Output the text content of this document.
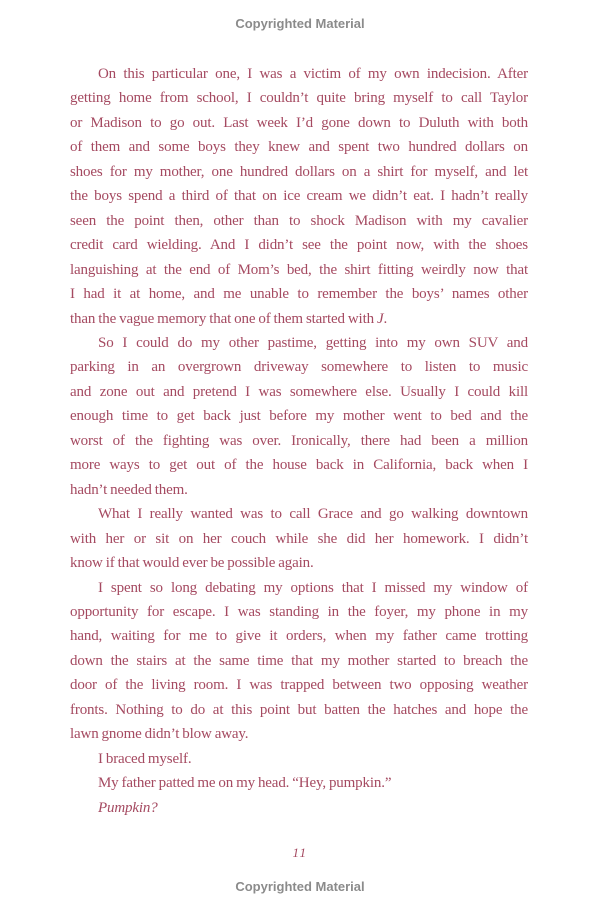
Copyrighted Material
On this particular one, I was a victim of my own indecision. After
getting home from school, I couldn’t quite bring myself to call Taylor
or Madison to go out. Last week I’d gone down to Duluth with both
of them and some boys they knew and spent two hundred dollars on
shoes for my mother, one hundred dollars on a shirt for myself, and let
the boys spend a third of that on ice cream we didn’t eat. I hadn’t really
seen the point then, other than to shock Madison with my cavalier
credit card wielding. And I didn’t see the point now, with the shoes
languishing at the end of Mom’s bed, the shirt fitting weirdly now that
I had it at home, and me unable to remember the boys’ names other
than the vague memory that one of them started with J.
So I could do my other pastime, getting into my own SUV and
parking in an overgrown driveway somewhere to listen to music
and zone out and pretend I was somewhere else. Usually I could kill
enough time to get back just before my mother went to bed and the
worst of the fighting was over. Ironically, there had been a million
more ways to get out of the house back in California, back when I
hadn’t needed them.
What I really wanted was to call Grace and go walking downtown
with her or sit on her couch while she did her homework. I didn’t
know if that would ever be possible again.
I spent so long debating my options that I missed my window of
opportunity for escape. I was standing in the foyer, my phone in my
hand, waiting for me to give it orders, when my father came trotting
down the stairs at the same time that my mother started to breach the
door of the living room. I was trapped between two opposing weather
fronts. Nothing to do at this point but batten the hatches and hope the
lawn gnome didn’t blow away.
I braced myself.
My father patted me on my head. “Hey, pumpkin.”
Pumpkin?
11
Copyrighted Material
